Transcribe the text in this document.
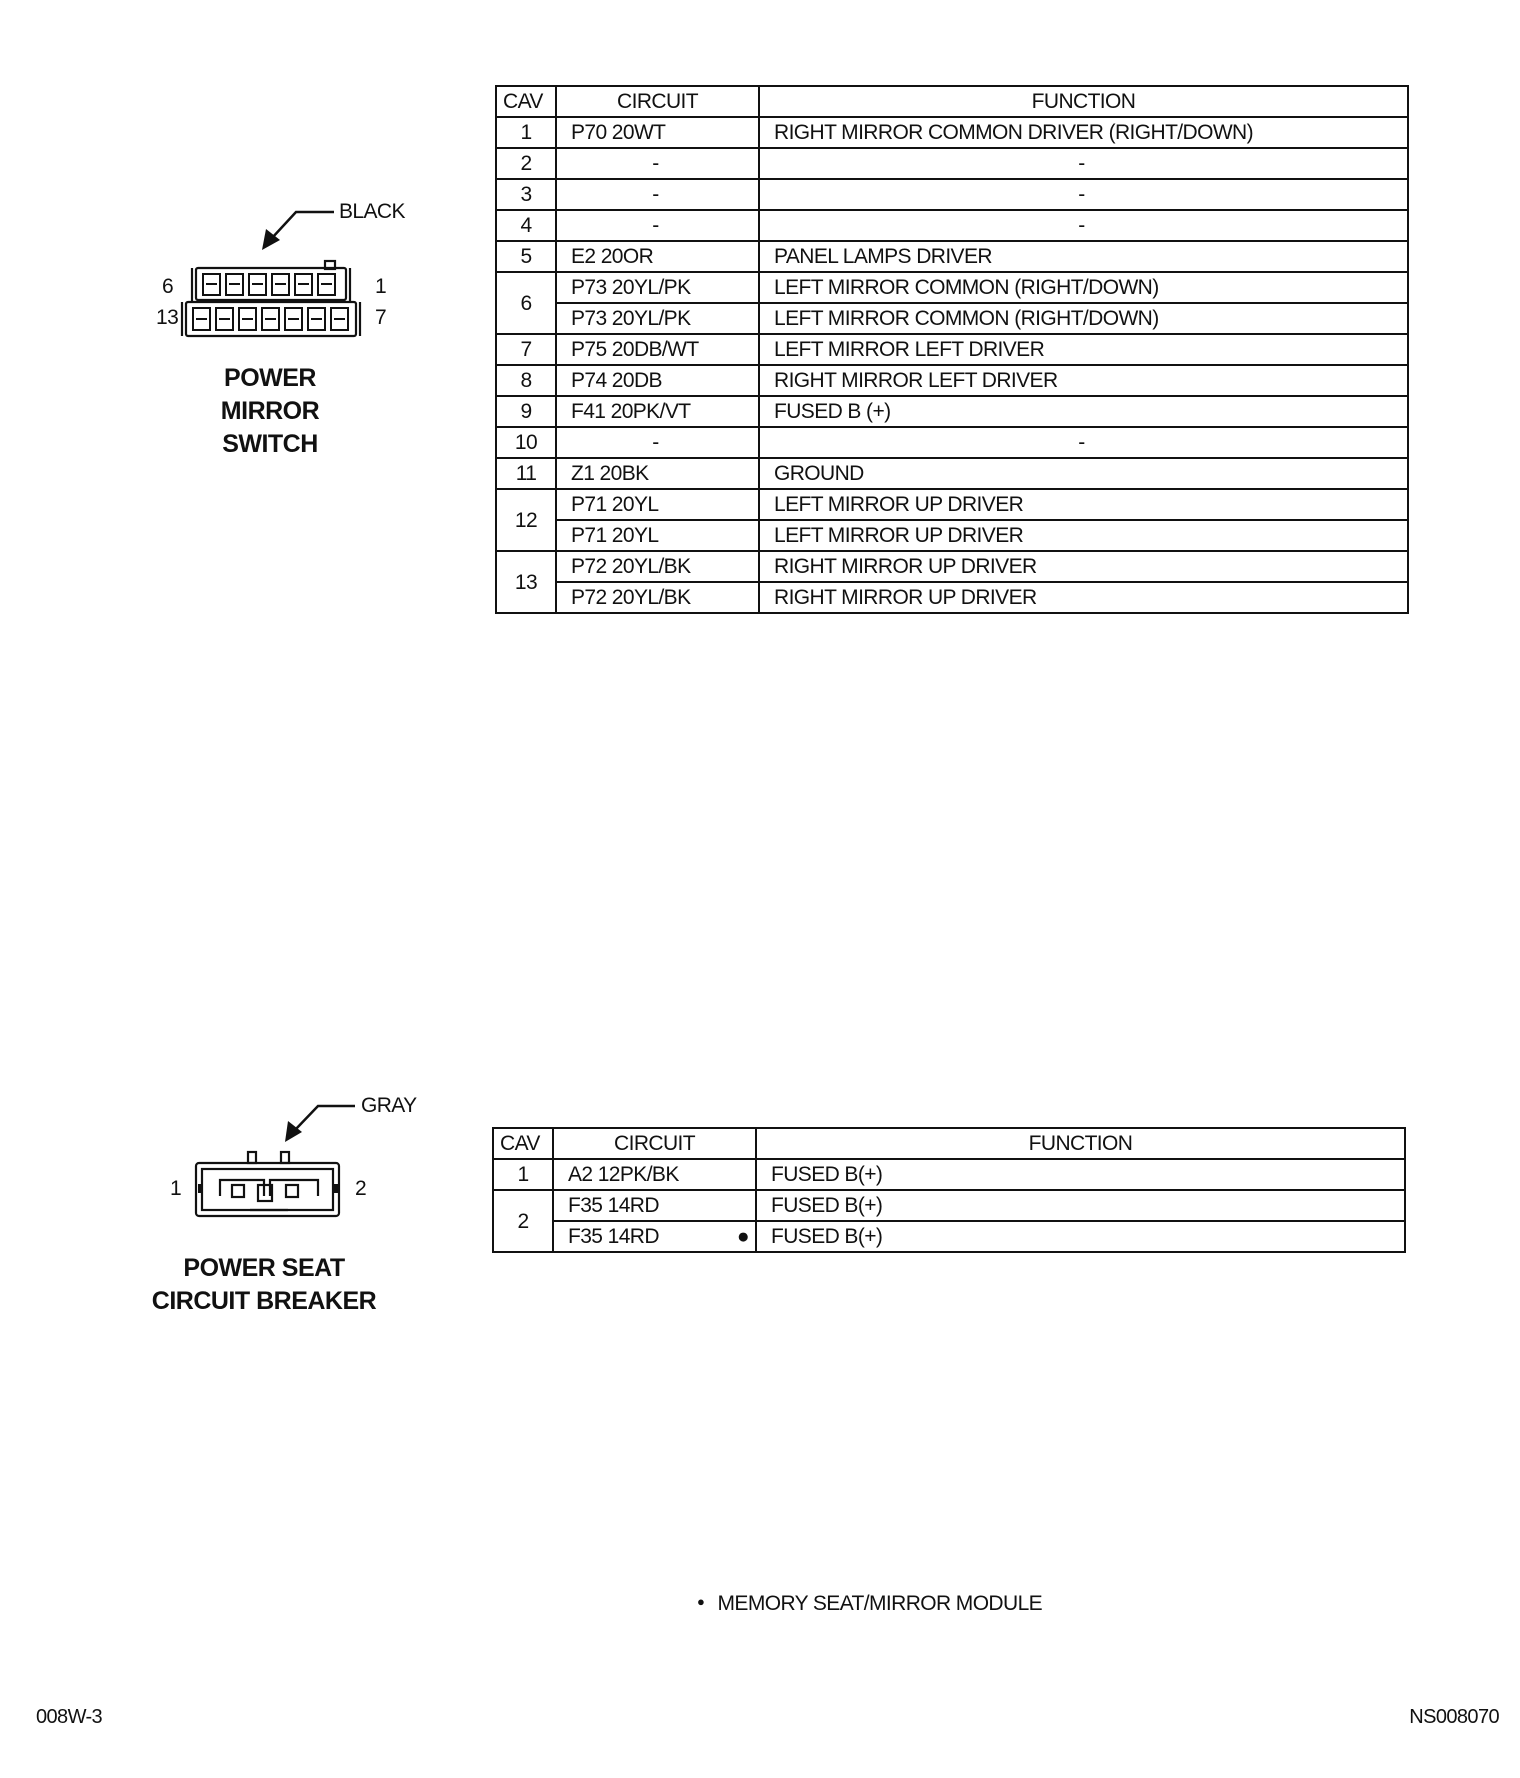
BLACK
6	1
13	7
POWER
MIRROR
SWITCH
CAV	CIRCUIT	FUNCTION
1	P70 20WT	RIGHT MIRROR COMMON DRIVER (RIGHT/DOWN)
2	-	-
3	-	-
4	-	-
5	E2 20OR	PANEL LAMPS DRIVER
6	P73 20YL/PK	LEFT MIRROR COMMON (RIGHT/DOWN)
	P73 20YL/PK	LEFT MIRROR COMMON (RIGHT/DOWN)
7	P75 20DB/WT	LEFT MIRROR LEFT DRIVER
8	P74 20DB	RIGHT MIRROR LEFT DRIVER
9	F41 20PK/VT	FUSED B (+)
10	-	-
11	Z1 20BK	GROUND
12	P71 20YL	LEFT MIRROR UP DRIVER
	P71 20YL	LEFT MIRROR UP DRIVER
13	P72 20YL/BK	RIGHT MIRROR UP DRIVER
	P72 20YL/BK	RIGHT MIRROR UP DRIVER
GRAY
1	2
POWER SEAT
CIRCUIT BREAKER
CAV	CIRCUIT	FUNCTION
1	A2 12PK/BK	FUSED B(+)
2	F35 14RD	FUSED B(+)
	F35 14RD ●	FUSED B(+)
● MEMORY SEAT/MIRROR MODULE
008W-3	NS008070
